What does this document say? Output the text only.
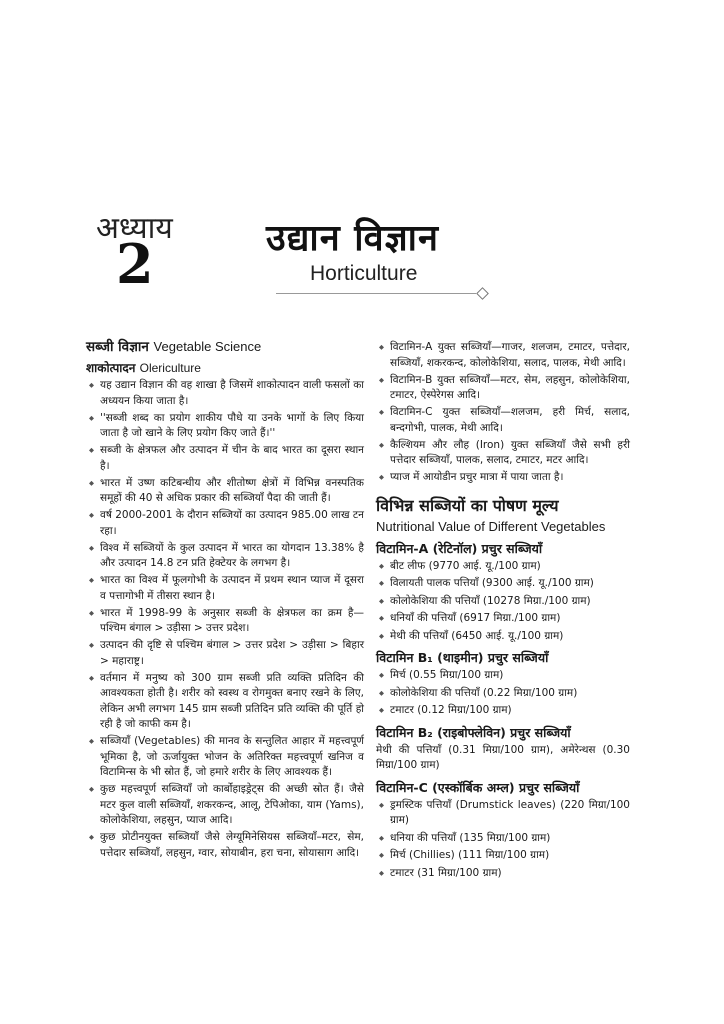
अध्याय
2	उद्यान विज्ञान
Horticulture
सब्जी विज्ञान Vegetable Science
शाकोत्पादन Olericulture
◆ यह उद्यान विज्ञान की वह शाखा है जिसमें शाकोत्पादन वाली फसलों का अध्ययन किया जाता है।
◆ ''सब्जी शब्द का प्रयोग शाकीय पौधे या उनके भागों के लिए किया जाता है जो खाने के लिए प्रयोग किए जाते हैं।''
◆ सब्जी के क्षेत्रफल और उत्पादन में चीन के बाद भारत का दूसरा स्थान है।
◆ भारत में उष्ण कटिबन्धीय और शीतोष्ण क्षेत्रों में विभिन्न वनस्पतिक समूहों की 40 से अधिक प्रकार की सब्जियाँ पैदा की जाती हैं।
◆ वर्ष 2000-2001 के दौरान सब्जियों का उत्पादन 985.00 लाख टन रहा।
◆ विश्व में सब्जियों के कुल उत्पादन में भारत का योगदान 13.38% है और उत्पादन 14.8 टन प्रति हेक्टेयर के लगभग है।
◆ भारत का विश्व में फूलगोभी के उत्पादन में प्रथम स्थान प्याज में दूसरा व पत्तागोभी में तीसरा स्थान है।
◆ भारत में 1998-99 के अनुसार सब्जी के क्षेत्रफल का क्रम है—पश्चिम बंगाल > उड़ीसा > उत्तर प्रदेश।
◆ उत्पादन की दृष्टि से पश्चिम बंगाल > उत्तर प्रदेश > उड़ीसा > बिहार > महाराष्ट्र।
◆ वर्तमान में मनुष्य को 300 ग्राम सब्जी प्रति व्यक्ति प्रतिदिन की आवश्यकता होती है। शरीर को स्वस्थ व रोगमुक्त बनाए रखने के लिए, लेकिन अभी लगभग 145 ग्राम सब्जी प्रतिदिन प्रति व्यक्ति की पूर्ति हो रही है जो काफी कम है।
◆ सब्जियाँ (Vegetables) की मानव के सन्तुलित आहार में महत्त्वपूर्ण भूमिका है, जो ऊर्जायुक्त भोजन के अतिरिक्त महत्त्वपूर्ण खनिज व विटामिन्स के भी स्रोत हैं, जो हमारे शरीर के लिए आवश्यक हैं।
◆ कुछ महत्त्वपूर्ण सब्जियाँ जो कार्बोहाइड्रेट्स की अच्छी स्रोत हैं। जैसे मटर कुल वाली सब्जियाँ, शकरकन्द, आलू, टेपिओका, याम (Yams), कोलोकेशिया, लहसुन, प्याज आदि।
◆ कुछ प्रोटीनयुक्त सब्जियाँ जैसे लेग्यूमिनेसियस सब्जियाँ–मटर, सेम, पत्तेदार सब्जियाँ, लहसुन, ग्वार, सोयाबीन, हरा चना, सोयासाग आदि।
◆ विटामिन-A युक्त सब्जियाँ—गाजर, शलजम, टमाटर, पत्तेदार, सब्जियाँ, शकरकन्द, कोलोकेशिया, सलाद, पालक, मेथी आदि।
◆ विटामिन-B युक्त सब्जियाँ—मटर, सेम, लहसुन, कोलोकेशिया, टमाटर, ऐस्पेरेगस आदि।
◆ विटामिन-C युक्त सब्जियाँ—शलजम, हरी मिर्च, सलाद, बन्दगोभी, पालक, मेथी आदि।
◆ कैल्शियम और लौह (Iron) युक्त सब्जियाँ जैसे सभी हरी पत्तेदार सब्जियाँ, पालक, सलाद, टमाटर, मटर आदि।
◆ प्याज में आयोडीन प्रचुर मात्रा में पाया जाता है।
विभिन्न सब्जियों का पोषण मूल्य
Nutritional Value of Different Vegetables
विटामिन-A (रेटिनॉल) प्रचुर सब्जियाँ
◆ बीट लीफ (9770 आई. यू./100 ग्राम)
◆ विलायती पालक पत्तियाँ (9300 आई. यू./100 ग्राम)
◆ कोलोकेशिया की पत्तियाँ (10278 मिग्रा./100 ग्राम)
◆ धनियाँ की पत्तियाँ (6917 मिग्रा./100 ग्राम)
◆ मेथी की पत्तियाँ (6450 आई. यू./100 ग्राम)
विटामिन B₁ (थाइमीन) प्रचुर सब्जियाँ
◆ मिर्च (0.55 मिग्रा/100 ग्राम)
◆ कोलोकेशिया की पत्तियाँ (0.22 मिग्रा/100 ग्राम)
◆ टमाटर (0.12 मिग्रा/100 ग्राम)
विटामिन B₂ (राइबोफ्लेविन) प्रचुर सब्जियाँ

मेथी की पत्तियाँ (0.31 मिग्रा/100 ग्राम), अमेरेन्थस (0.30 मिग्रा/100 ग्राम)

विटामिन-C (एस्कॉर्बिक अम्ल) प्रचुर सब्जियाँ
◆ ड्रमस्टिक पत्तियाँ (Drumstick leaves) (220 मिग्रा/100 ग्राम)
◆ धनिया की पत्तियाँ (135 मिग्रा/100 ग्राम)
◆ मिर्च (Chillies) (111 मिग्रा/100 ग्राम)
◆ टमाटर (31 मिग्रा/100 ग्राम)
